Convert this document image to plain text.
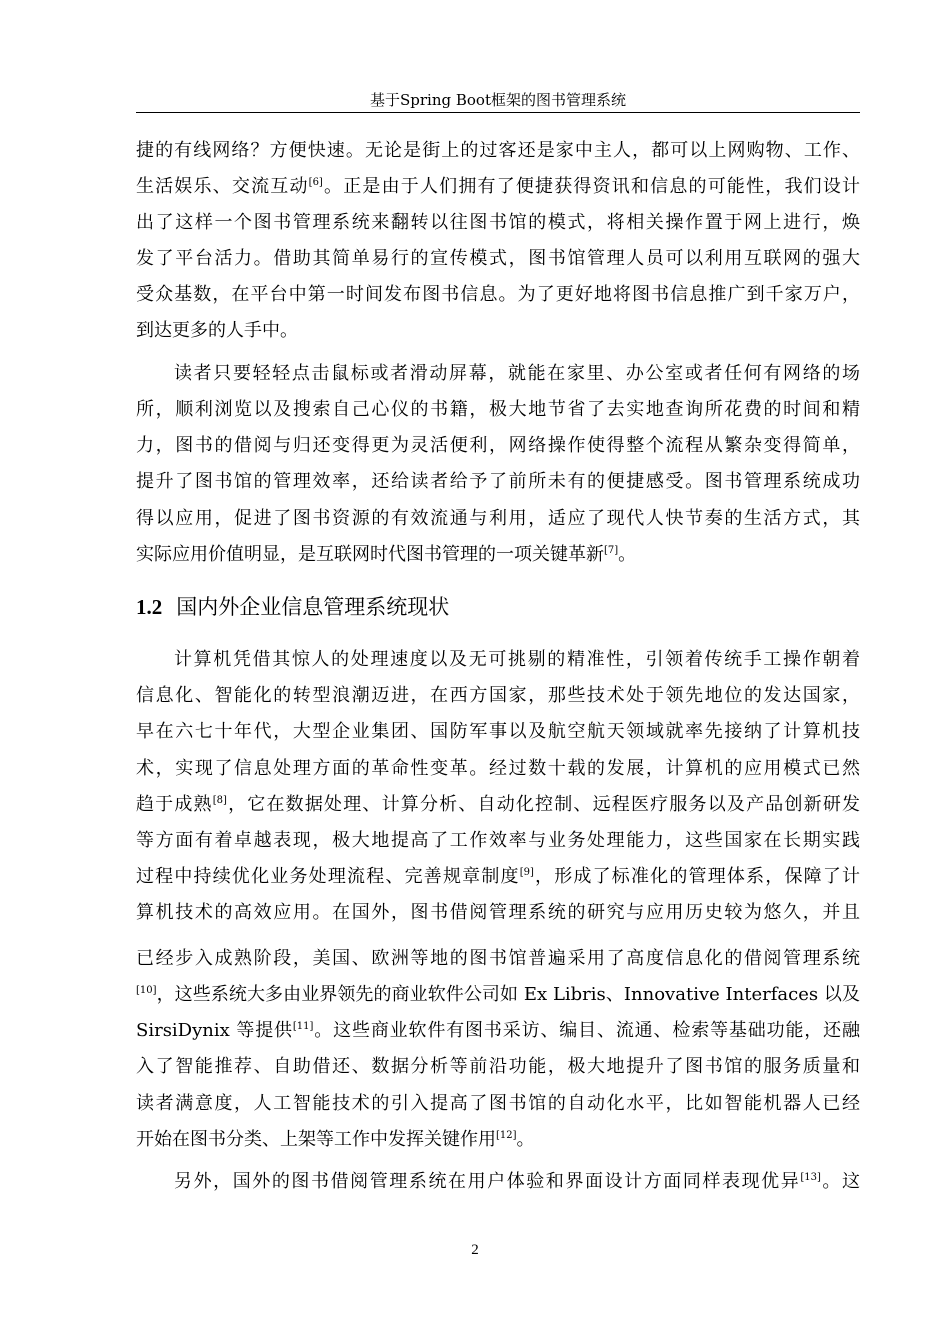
基于Spring Boot框架的图书管理系统
捷的有线网络？方便快速。无论是街上的过客还是家中主人，都可以上网购物、工作、
生活娱乐、交流互动[6]。正是由于人们拥有了便捷获得资讯和信息的可能性，我们设计
出了这样一个图书管理系统来翻转以往图书馆的模式，将相关操作置于网上进行，焕
发了平台活力。借助其简单易行的宣传模式，图书馆管理人员可以利用互联网的强大
受众基数，在平台中第一时间发布图书信息。为了更好地将图书信息推广到千家万户，
到达更多的人手中。
读者只要轻轻点击鼠标或者滑动屏幕，就能在家里、办公室或者任何有网络的场
所，顺利浏览以及搜索自己心仪的书籍，极大地节省了去实地查询所花费的时间和精
力，图书的借阅与归还变得更为灵活便利，网络操作使得整个流程从繁杂变得简单，
提升了图书馆的管理效率，还给读者给予了前所未有的便捷感受。图书管理系统成功
得以应用，促进了图书资源的有效流通与利用，适应了现代人快节奏的生活方式，其
实际应用价值明显，是互联网时代图书管理的一项关键革新[7]。
1.2 国内外企业信息管理系统现状
计算机凭借其惊人的处理速度以及无可挑剔的精准性，引领着传统手工操作朝着
信息化、智能化的转型浪潮迈进，在西方国家，那些技术处于领先地位的发达国家，
早在六七十年代，大型企业集团、国防军事以及航空航天领域就率先接纳了计算机技
术，实现了信息处理方面的革命性变革。经过数十载的发展，计算机的应用模式已然
趋于成熟[8]，它在数据处理、计算分析、自动化控制、远程医疗服务以及产品创新研发
等方面有着卓越表现，极大地提高了工作效率与业务处理能力，这些国家在长期实践
过程中持续优化业务处理流程、完善规章制度[9]，形成了标准化的管理体系，保障了计
算机技术的高效应用。在国外，图书借阅管理系统的研究与应用历史较为悠久，并且
已经步入成熟阶段，美国、欧洲等地的图书馆普遍采用了高度信息化的借阅管理系统
[10]，这些系统大多由业界领先的商业软件公司如 Ex Libris、Innovative Interfaces 以及
SirsiDynix 等提供[11]。这些商业软件有图书采访、编目、流通、检索等基础功能，还融
入了智能推荐、自助借还、数据分析等前沿功能，极大地提升了图书馆的服务质量和
读者满意度，人工智能技术的引入提高了图书馆的自动化水平，比如智能机器人已经
开始在图书分类、上架等工作中发挥关键作用[12]。
另外，国外的图书借阅管理系统在用户体验和界面设计方面同样表现优异[13]。这
2
